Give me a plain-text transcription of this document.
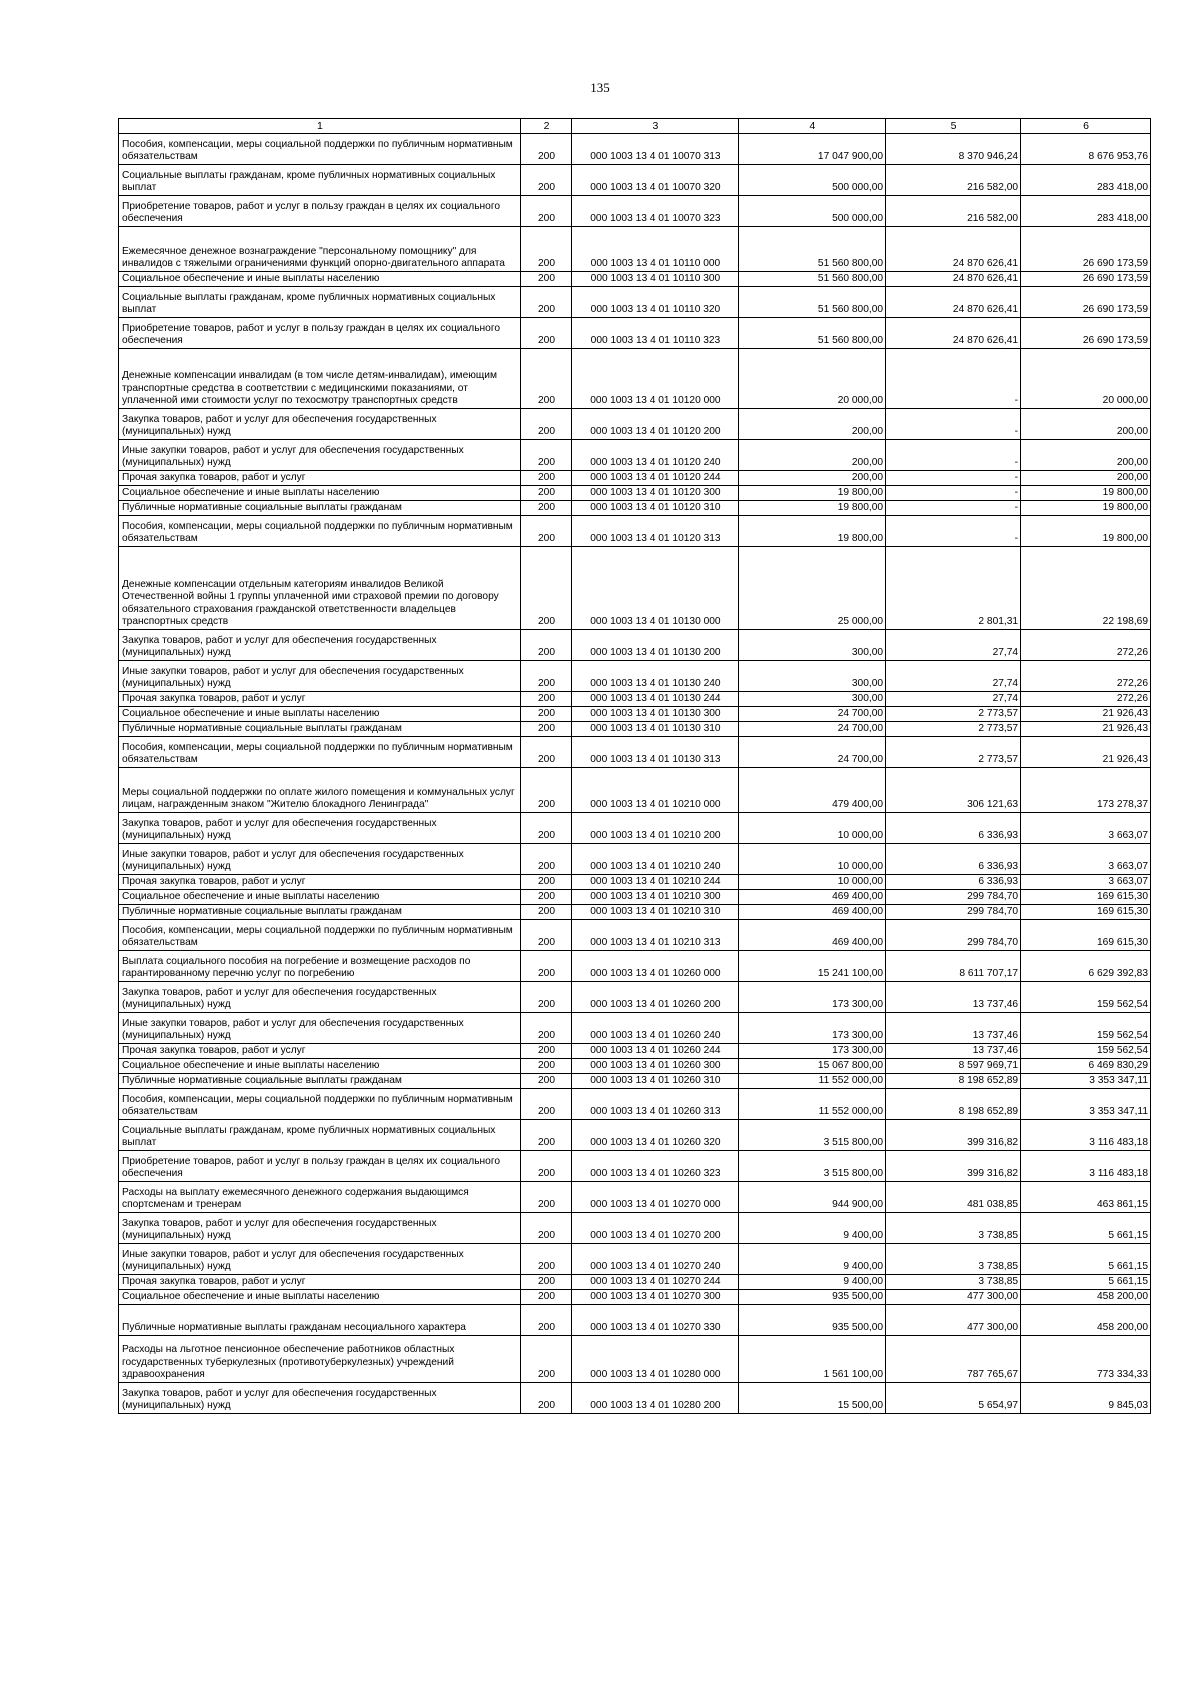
135
1	2	3	4	5	6
Пособия, компенсации, меры социальной поддержки по публичным нормативным обязательствам	200	000 1003 13 4 01 10070 313	17 047 900,00	8 370 946,24	8 676 953,76
Социальные выплаты гражданам, кроме публичных нормативных социальных выплат	200	000 1003 13 4 01 10070 320	500 000,00	216 582,00	283 418,00
Приобретение товаров, работ и услуг в пользу граждан в целях их социального обеспечения	200	000 1003 13 4 01 10070 323	500 000,00	216 582,00	283 418,00
Ежемесячное денежное вознаграждение "персональному помощнику" для инвалидов с тяжелыми ограничениями функций опорно-двигательного аппарата	200	000 1003 13 4 01 10110 000	51 560 800,00	24 870 626,41	26 690 173,59
Социальное обеспечение и иные выплаты населению	200	000 1003 13 4 01 10110 300	51 560 800,00	24 870 626,41	26 690 173,59
Социальные выплаты гражданам, кроме публичных нормативных социальных выплат	200	000 1003 13 4 01 10110 320	51 560 800,00	24 870 626,41	26 690 173,59
Приобретение товаров, работ и услуг в пользу граждан в целях их социального обеспечения	200	000 1003 13 4 01 10110 323	51 560 800,00	24 870 626,41	26 690 173,59
Денежные компенсации инвалидам (в том числе детям-инвалидам), имеющим транспортные средства в соответствии с медицинскими показаниями, от уплаченной ими стоимости услуг по техосмотру транспортных средств	200	000 1003 13 4 01 10120 000	20 000,00	-	20 000,00
Закупка товаров, работ и услуг для обеспечения государственных (муниципальных) нужд	200	000 1003 13 4 01 10120 200	200,00	-	200,00
Иные закупки товаров, работ и услуг для обеспечения государственных (муниципальных) нужд	200	000 1003 13 4 01 10120 240	200,00	-	200,00
Прочая закупка товаров, работ и услуг	200	000 1003 13 4 01 10120 244	200,00	-	200,00
Социальное обеспечение и иные выплаты населению	200	000 1003 13 4 01 10120 300	19 800,00	-	19 800,00
Публичные нормативные социальные выплаты гражданам	200	000 1003 13 4 01 10120 310	19 800,00	-	19 800,00
Пособия, компенсации, меры социальной поддержки по публичным нормативным обязательствам	200	000 1003 13 4 01 10120 313	19 800,00	-	19 800,00
Денежные компенсации отдельным категориям инвалидов Великой Отечественной войны 1 группы уплаченной ими страховой премии по договору обязательного страхования гражданской ответственности владельцев транспортных средств	200	000 1003 13 4 01 10130 000	25 000,00	2 801,31	22 198,69
Закупка товаров, работ и услуг для обеспечения государственных (муниципальных) нужд	200	000 1003 13 4 01 10130 200	300,00	27,74	272,26
Иные закупки товаров, работ и услуг для обеспечения государственных (муниципальных) нужд	200	000 1003 13 4 01 10130 240	300,00	27,74	272,26
Прочая закупка товаров, работ и услуг	200	000 1003 13 4 01 10130 244	300,00	27,74	272,26
Социальное обеспечение и иные выплаты населению	200	000 1003 13 4 01 10130 300	24 700,00	2 773,57	21 926,43
Публичные нормативные социальные выплаты гражданам	200	000 1003 13 4 01 10130 310	24 700,00	2 773,57	21 926,43
Пособия, компенсации, меры социальной поддержки по публичным нормативным обязательствам	200	000 1003 13 4 01 10130 313	24 700,00	2 773,57	21 926,43
Меры социальной поддержки по оплате жилого помещения и коммунальных услуг лицам, награжденным знаком "Жителю блокадного Ленинграда"	200	000 1003 13 4 01 10210 000	479 400,00	306 121,63	173 278,37
Закупка товаров, работ и услуг для обеспечения государственных (муниципальных) нужд	200	000 1003 13 4 01 10210 200	10 000,00	6 336,93	3 663,07
Иные закупки товаров, работ и услуг для обеспечения государственных (муниципальных) нужд	200	000 1003 13 4 01 10210 240	10 000,00	6 336,93	3 663,07
Прочая закупка товаров, работ и услуг	200	000 1003 13 4 01 10210 244	10 000,00	6 336,93	3 663,07
Социальное обеспечение и иные выплаты населению	200	000 1003 13 4 01 10210 300	469 400,00	299 784,70	169 615,30
Публичные нормативные социальные выплаты гражданам	200	000 1003 13 4 01 10210 310	469 400,00	299 784,70	169 615,30
Пособия, компенсации, меры социальной поддержки по публичным нормативным обязательствам	200	000 1003 13 4 01 10210 313	469 400,00	299 784,70	169 615,30
Выплата социального пособия на погребение и возмещение расходов по гарантированному перечню услуг по погребению	200	000 1003 13 4 01 10260 000	15 241 100,00	8 611 707,17	6 629 392,83
Закупка товаров, работ и услуг для обеспечения государственных (муниципальных) нужд	200	000 1003 13 4 01 10260 200	173 300,00	13 737,46	159 562,54
Иные закупки товаров, работ и услуг для обеспечения государственных (муниципальных) нужд	200	000 1003 13 4 01 10260 240	173 300,00	13 737,46	159 562,54
Прочая закупка товаров, работ и услуг	200	000 1003 13 4 01 10260 244	173 300,00	13 737,46	159 562,54
Социальное обеспечение и иные выплаты населению	200	000 1003 13 4 01 10260 300	15 067 800,00	8 597 969,71	6 469 830,29
Публичные нормативные социальные выплаты гражданам	200	000 1003 13 4 01 10260 310	11 552 000,00	8 198 652,89	3 353 347,11
Пособия, компенсации, меры социальной поддержки по публичным нормативным обязательствам	200	000 1003 13 4 01 10260 313	11 552 000,00	8 198 652,89	3 353 347,11
Социальные выплаты гражданам, кроме публичных нормативных социальных выплат	200	000 1003 13 4 01 10260 320	3 515 800,00	399 316,82	3 116 483,18
Приобретение товаров, работ и услуг в пользу граждан в целях их социального обеспечения	200	000 1003 13 4 01 10260 323	3 515 800,00	399 316,82	3 116 483,18
Расходы на выплату ежемесячного денежного содержания выдающимся спортсменам и тренерам	200	000 1003 13 4 01 10270 000	944 900,00	481 038,85	463 861,15
Закупка товаров, работ и услуг для обеспечения государственных (муниципальных) нужд	200	000 1003 13 4 01 10270 200	9 400,00	3 738,85	5 661,15
Иные закупки товаров, работ и услуг для обеспечения государственных (муниципальных) нужд	200	000 1003 13 4 01 10270 240	9 400,00	3 738,85	5 661,15
Прочая закупка товаров, работ и услуг	200	000 1003 13 4 01 10270 244	9 400,00	3 738,85	5 661,15
Социальное обеспечение и иные выплаты населению	200	000 1003 13 4 01 10270 300	935 500,00	477 300,00	458 200,00
Публичные нормативные выплаты гражданам несоциального характера	200	000 1003 13 4 01 10270 330	935 500,00	477 300,00	458 200,00
Расходы на льготное пенсионное обеспечение работников областных государственных туберкулезных (противотуберкулезных) учреждений здравоохранения	200	000 1003 13 4 01 10280 000	1 561 100,00	787 765,67	773 334,33
Закупка товаров, работ и услуг для обеспечения государственных (муниципальных) нужд	200	000 1003 13 4 01 10280 200	15 500,00	5 654,97	9 845,03
